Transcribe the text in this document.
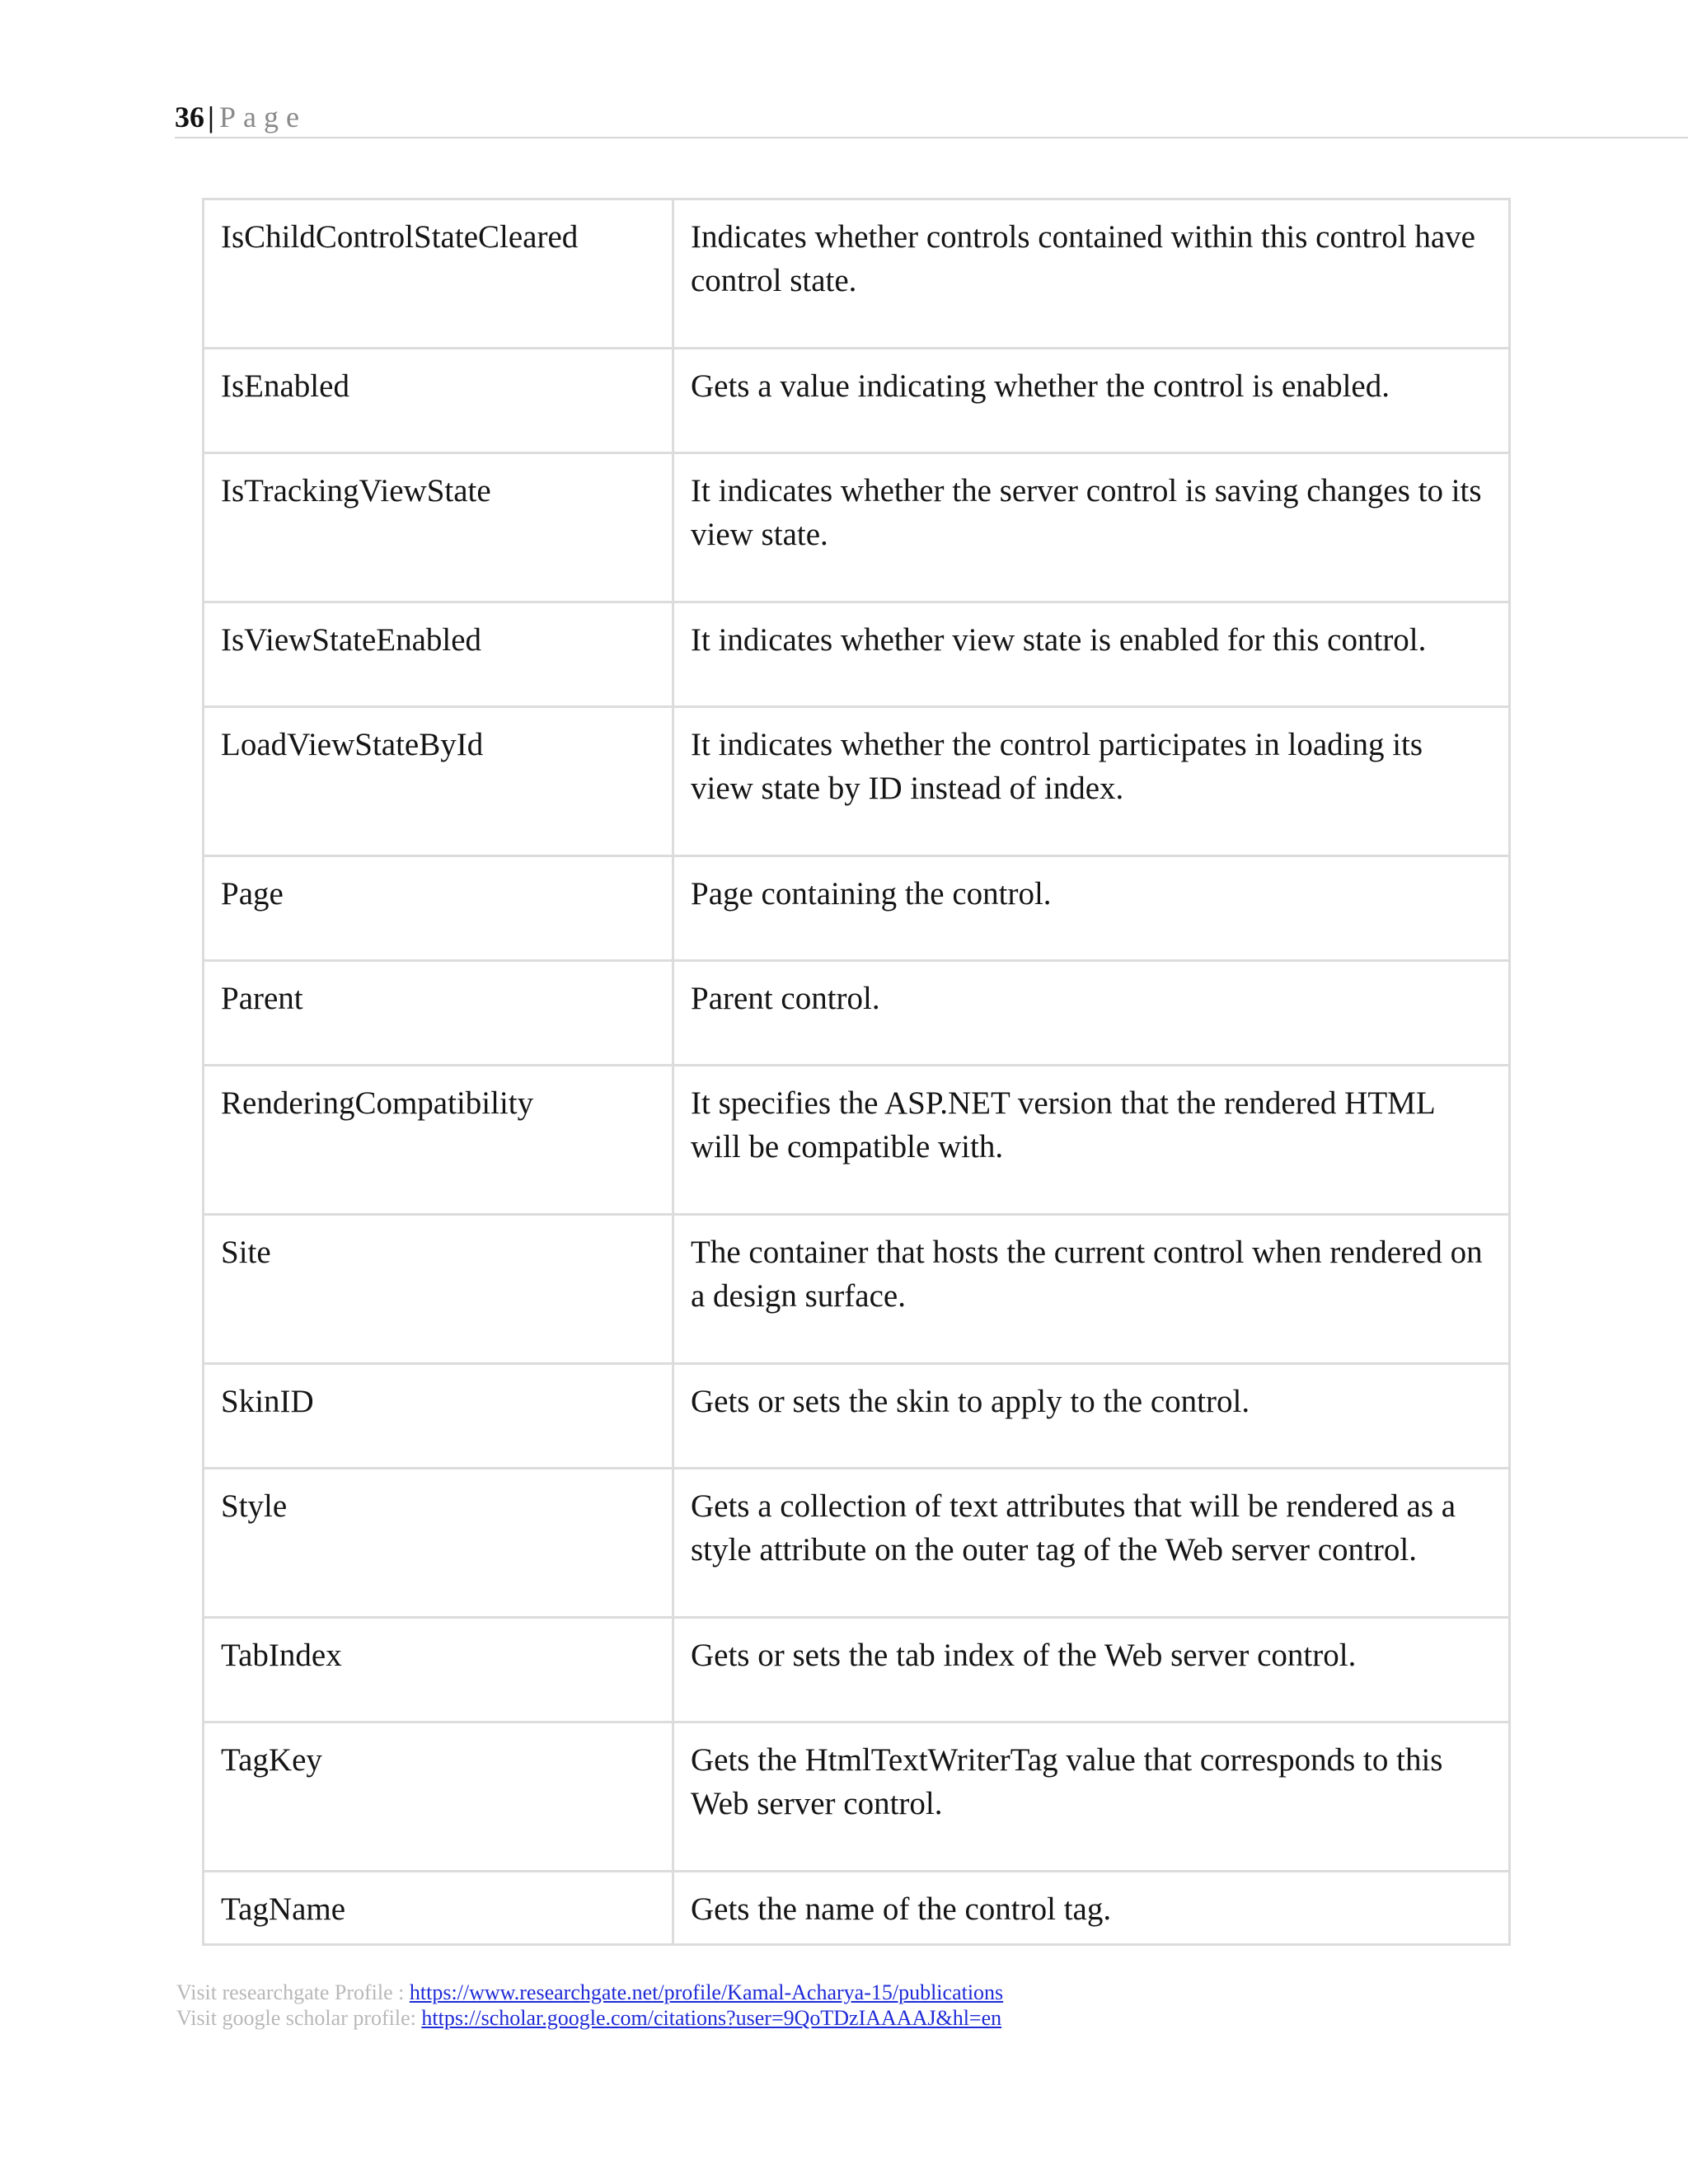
36 | Page
IsChildControlStateCleared	Indicates whether controls contained within this control have control state.
IsEnabled	Gets a value indicating whether the control is enabled.
IsTrackingViewState	It indicates whether the server control is saving changes to its view state.
IsViewStateEnabled	It indicates whether view state is enabled for this control.
LoadViewStateById	It indicates whether the control participates in loading its view state by ID instead of index.
Page	Page containing the control.
Parent	Parent control.
RenderingCompatibility	It specifies the ASP.NET version that the rendered HTML will be compatible with.
Site	The container that hosts the current control when rendered on a design surface.
SkinID	Gets or sets the skin to apply to the control.
Style	Gets a collection of text attributes that will be rendered as a style attribute on the outer tag of the Web server control.
TabIndex	Gets or sets the tab index of the Web server control.
TagKey	Gets the HtmlTextWriterTag value that corresponds to this Web server control.
TagName	Gets the name of the control tag.
Visit researchgate Profile : https://www.researchgate.net/profile/Kamal-Acharya-15/publications
Visit google scholar profile: https://scholar.google.com/citations?user=9QoTDzIAAAAJ&hl=en
